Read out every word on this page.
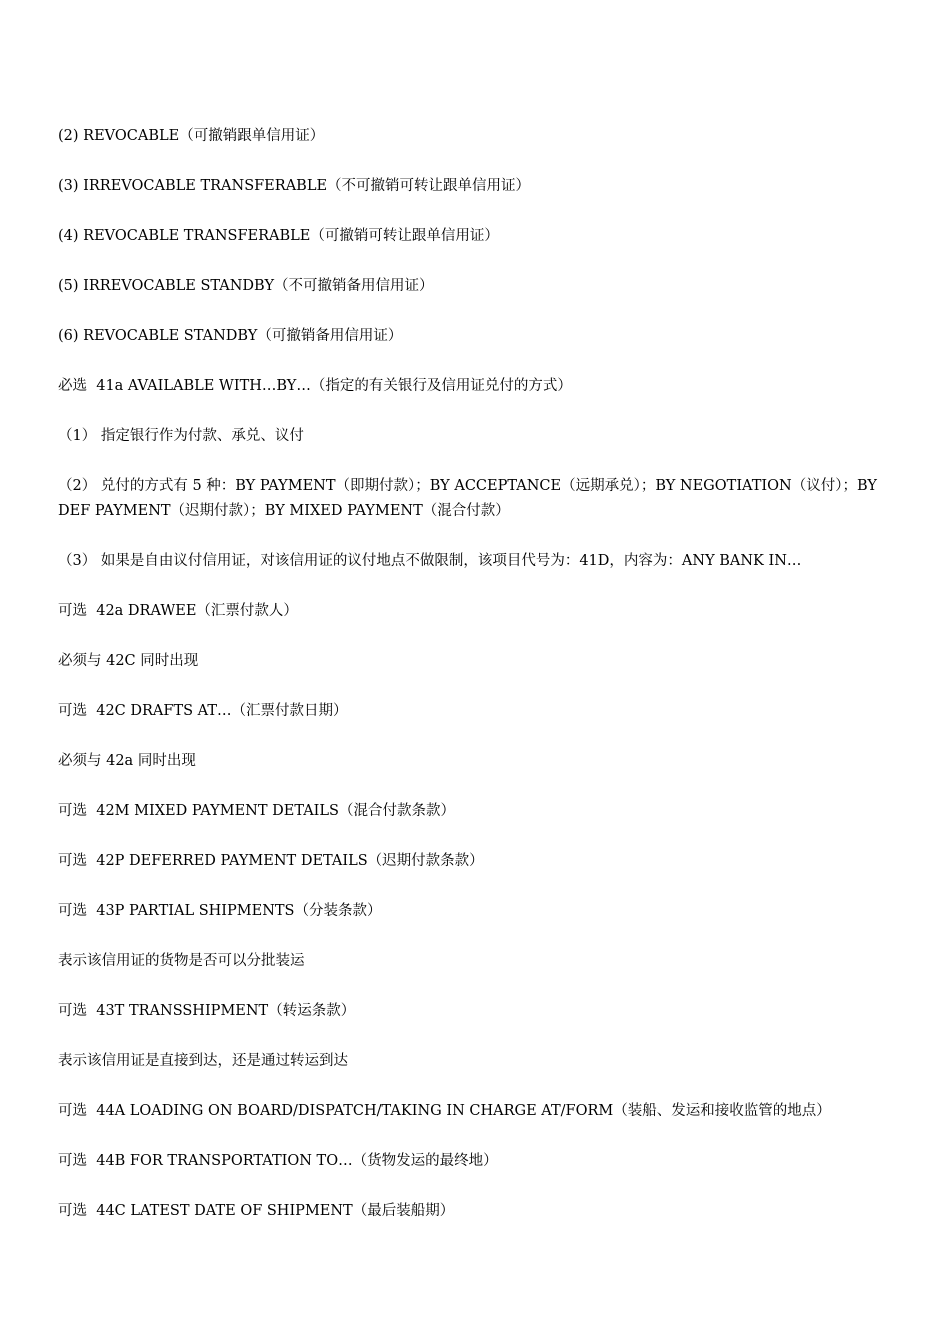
(2) REVOCABLE（可撤销跟单信用证）

(3) IRREVOCABLE TRANSFERABLE（不可撤销可转让跟单信用证）

(4) REVOCABLE TRANSFERABLE（可撤销可转让跟单信用证）

(5) IRREVOCABLE STANDBY（不可撤销备用信用证）

(6) REVOCABLE STANDBY（可撤销备用信用证）

必选  41a AVAILABLE WITH…BY…（指定的有关银行及信用证兑付的方式）

（1） 指定银行作为付款、承兑、议付

（2） 兑付的方式有 5 种：BY PAYMENT（即期付款）；BY ACCEPTANCE（远期承兑）；BY NEGOTIATION（议付）；BY DEF PAYMENT（迟期付款）；BY MIXED PAYMENT（混合付款）

（3） 如果是自由议付信用证，对该信用证的议付地点不做限制，该项目代号为：41D，内容为：ANY BANK IN…

可选  42a DRAWEE（汇票付款人）

必须与 42C 同时出现

可选  42C DRAFTS AT…（汇票付款日期）

必须与 42a 同时出现

可选  42M MIXED PAYMENT DETAILS（混合付款条款）

可选  42P DEFERRED PAYMENT DETAILS（迟期付款条款）

可选  43P PARTIAL SHIPMENTS（分装条款）

表示该信用证的货物是否可以分批装运

可选  43T TRANSSHIPMENT（转运条款）

表示该信用证是直接到达，还是通过转运到达

可选  44A LOADING ON BOARD/DISPATCH/TAKING IN CHARGE AT/FORM（装船、发运和接收监管的地点）

可选  44B FOR TRANSPORTATION TO…（货物发运的最终地）

可选  44C LATEST DATE OF SHIPMENT（最后装船期）
